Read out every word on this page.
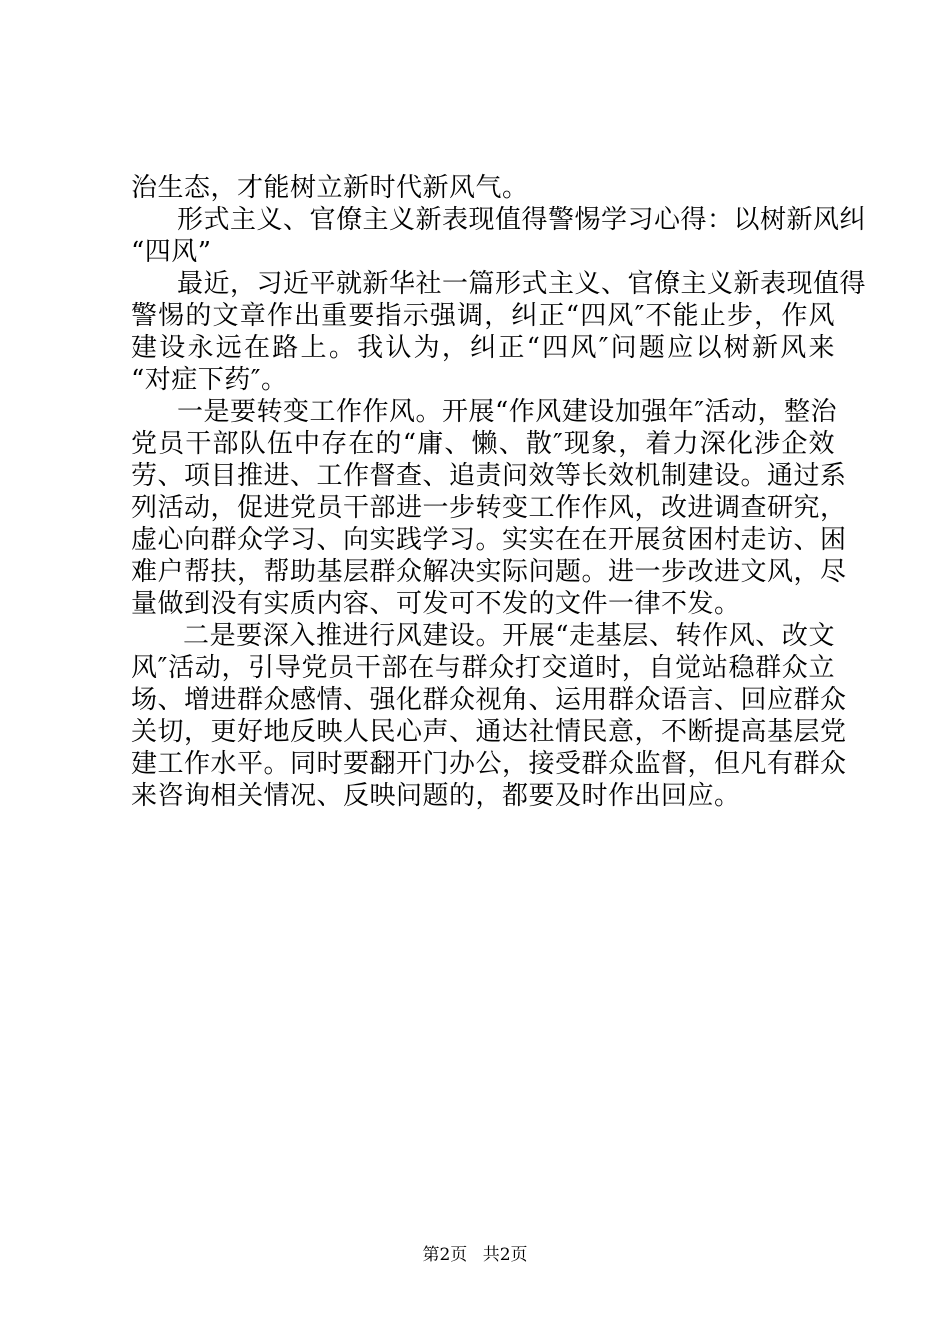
治生态，才能树立新时代新风气。
形式主义、官僚主义新表现值得警惕学习心得：以树新风纠
“四风”
最近，习近平就新华社一篇形式主义、官僚主义新表现值得
警惕的文章作出重要指示强调，纠正“四风″不能止步，作风
建设永远在路上。我认为，纠正“四风″问题应以树新风来
“对症下药″。
一是要转变工作作风。开展“作风建设加强年″活动，整治
党员干部队伍中存在的“庸、懒、散″现象，着力深化涉企效
劳、项目推进、工作督查、追责问效等长效机制建设。通过系
列活动，促进党员干部进一步转变工作作风，改进调查研究，
虚心向群众学习、向实践学习。实实在在开展贫困村走访、困
难户帮扶，帮助基层群众解决实际问题。进一步改进文风，尽
量做到没有实质内容、可发可不发的文件一律不发。
二是要深入推进行风建设。开展“走基层、转作风、改文
风″活动，引导党员干部在与群众打交道时，自觉站稳群众立
场、增进群众感情、强化群众视角、运用群众语言、回应群众
关切，更好地反映人民心声、通达社情民意，不断提高基层党
建工作水平。同时要翻开门办公，接受群众监督，但凡有群众
来咨询相关情况、反映问题的，都要及时作出回应。
第2页 共2页
